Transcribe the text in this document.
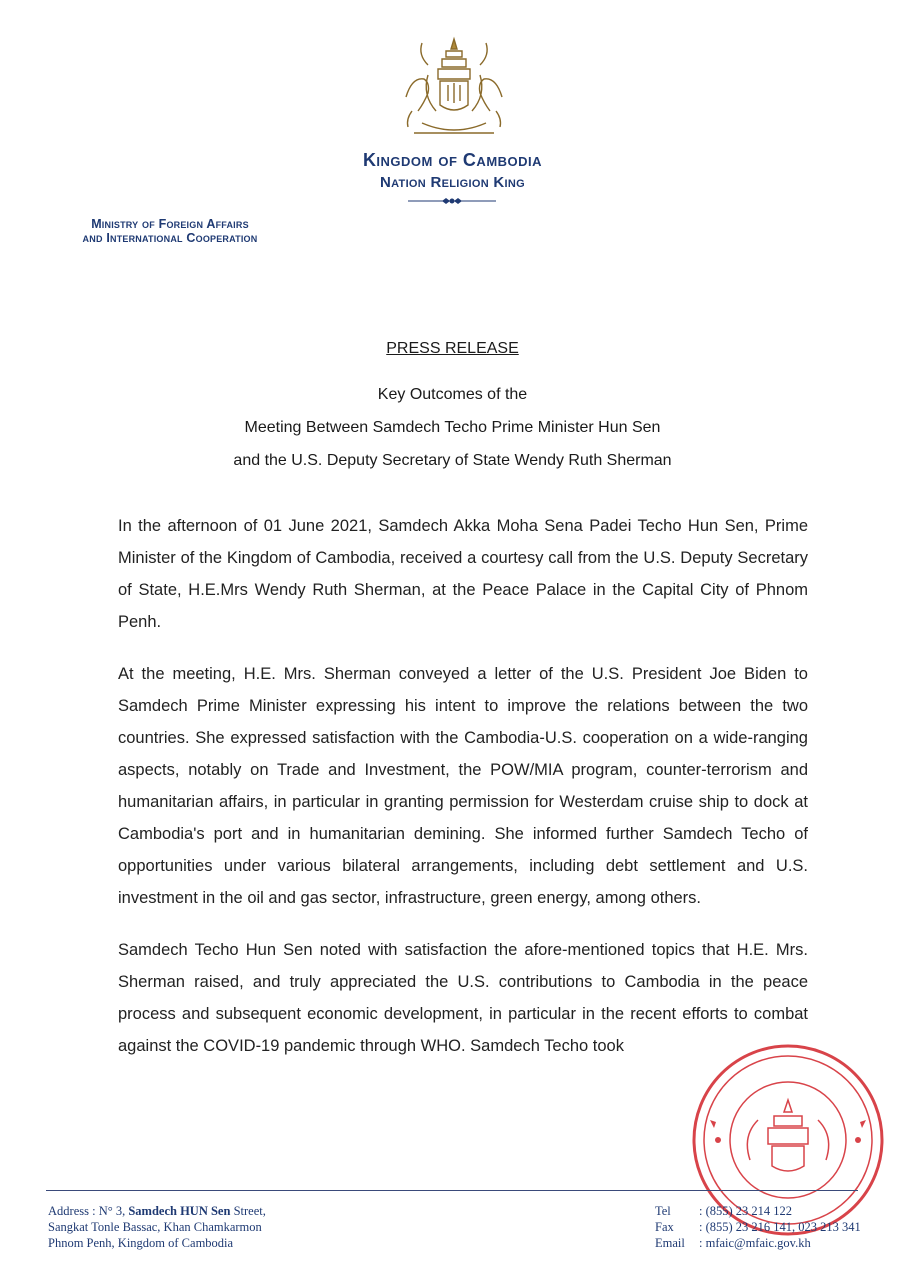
Kingdom of Cambodia
Nation Religion King
Ministry of Foreign Affairs
and International Cooperation
PRESS RELEASE
Key Outcomes of the
Meeting Between Samdech Techo Prime Minister Hun Sen
and the U.S. Deputy Secretary of State Wendy Ruth Sherman

In the afternoon of 01 June 2021, Samdech Akka Moha Sena Padei Techo Hun Sen, Prime Minister of the Kingdom of Cambodia, received a courtesy call from the U.S. Deputy Secretary of State, H.E.Mrs Wendy Ruth Sherman, at the Peace Palace in the Capital City of Phnom Penh.

At the meeting, H.E. Mrs. Sherman conveyed a letter of the U.S. President Joe Biden to Samdech Prime Minister expressing his intent to improve the relations between the two countries. She expressed satisfaction with the Cambodia-U.S. cooperation on a wide-ranging aspects, notably on Trade and Investment, the POW/MIA program, counter-terrorism and humanitarian affairs, in particular in granting permission for Westerdam cruise ship to dock at Cambodia's port and in humanitarian demining. She informed further Samdech Techo of opportunities under various bilateral arrangements, including debt settlement and U.S. investment in the oil and gas sector, infrastructure, green energy, among others.

Samdech Techo Hun Sen noted with satisfaction the afore-mentioned topics that H.E. Mrs. Sherman raised, and truly appreciated the U.S. contributions to Cambodia in the peace process and subsequent economic development, in particular in the recent efforts to combat against the COVID-19 pandemic through WHO. Samdech Techo took

Address : N° 3, Samdech HUN Sen Street,
Sangkat Tonle Bassac, Khan Chamkarmon
Phnom Penh, Kingdom of Cambodia
Tel	: (855) 23 214 122
Fax	: (855) 23 216 141, 023 213 341
Email	: mfaic@mfaic.gov.kh
